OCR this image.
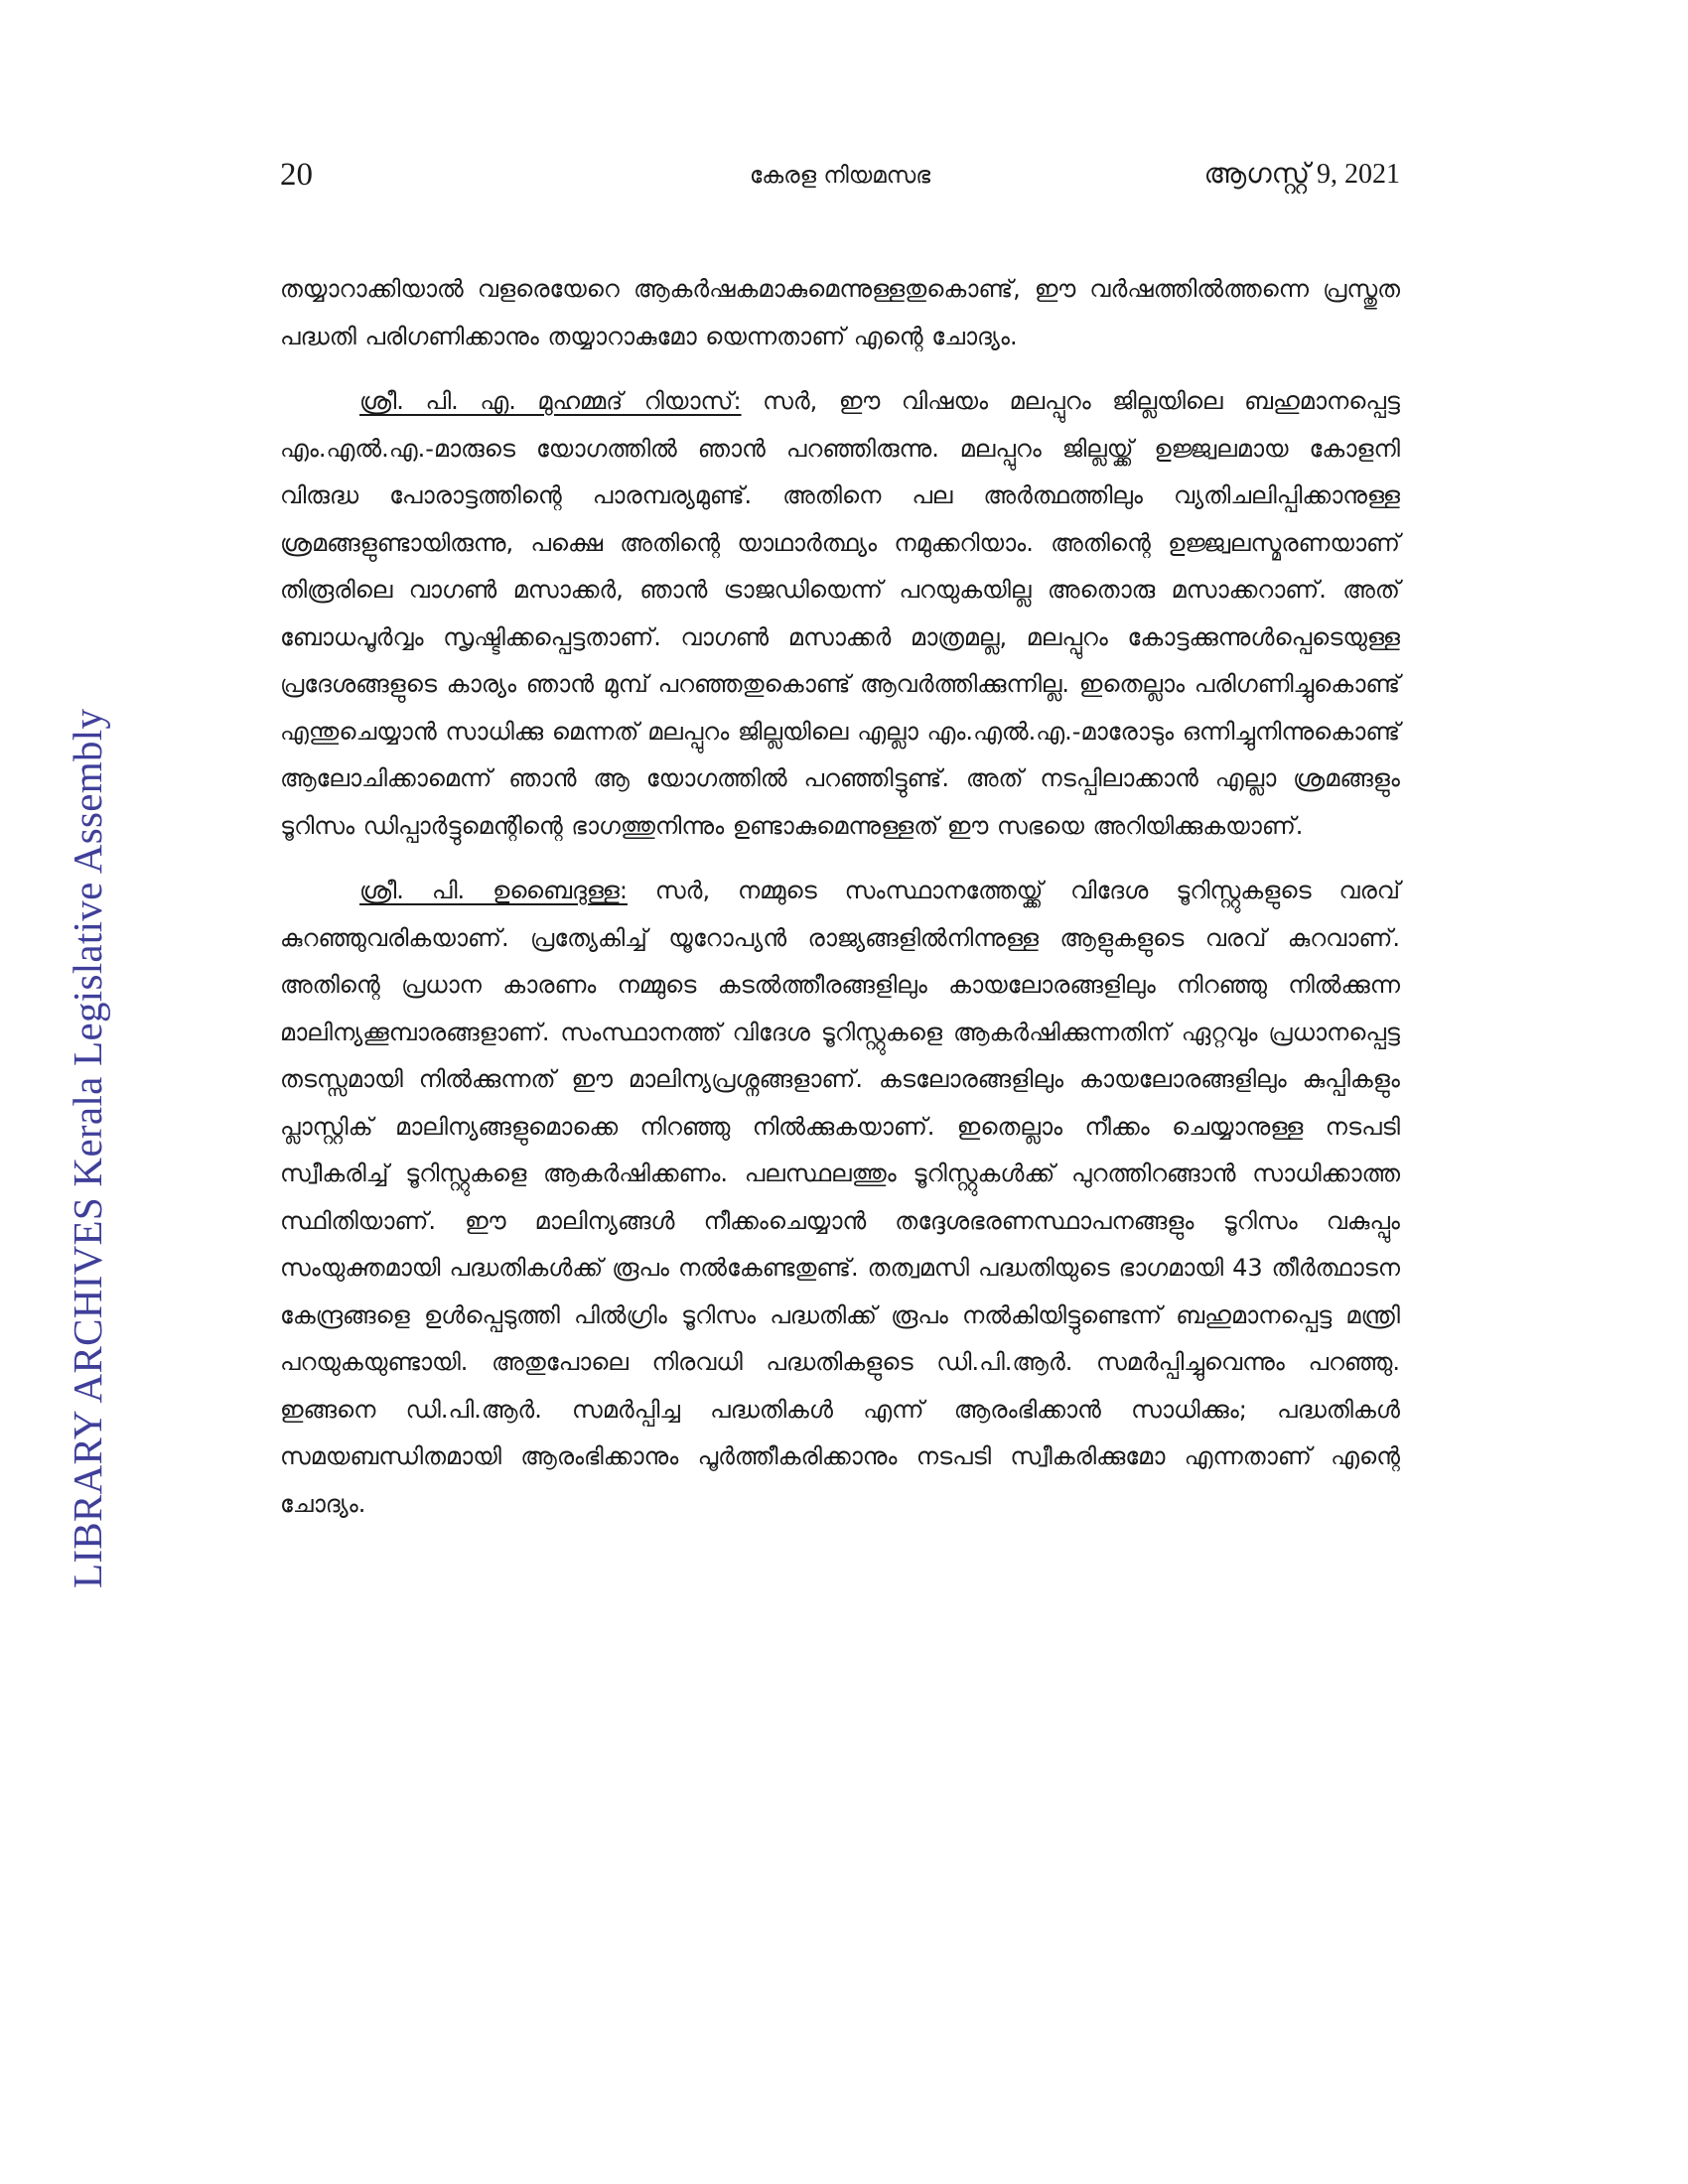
20	കേരള നിയമസഭ	ആഗസ്റ്റ് 9, 2021
LIBRARY ARCHIVES Kerala Legislative Assembly

തയ്യാറാക്കിയാൽ വളരെയേറെ ആകർഷകമാകുമെന്നുള്ളതുകൊണ്ട്, ഈ വർഷത്തിൽത്തന്നെ പ്രസ്തുത പദ്ധതി പരിഗണിക്കാനും തയ്യാറാകുമോ യെന്നതാണ് എന്റെ ചോദ്യം.

ശ്രീ. പി. എ. മുഹമ്മദ് റിയാസ്: സർ, ഈ വിഷയം മലപ്പുറം ജില്ലയിലെ ബഹുമാനപ്പെട്ട എം.എൽ.എ.-മാരുടെ യോഗത്തിൽ ഞാൻ പറഞ്ഞിരുന്നു. മലപ്പുറം ജില്ലയ്ക്ക് ഉജ്ജ്വലമായ കോളനി വിരുദ്ധ പോരാട്ടത്തിന്റെ പാരമ്പര്യമുണ്ട്. അതിനെ പല അർത്ഥത്തിലും വ്യതിചലിപ്പിക്കാനുള്ള ശ്രമങ്ങളുണ്ടായിരുന്നു, പക്ഷെ അതിന്റെ യാഥാർത്ഥ്യം നമുക്കറിയാം. അതിന്റെ ഉജ്ജ്വലസ്മരണയാണ് തിരൂരിലെ വാഗൺ മസാക്കർ, ഞാൻ ട്രാജഡിയെന്ന് പറയുകയില്ല അതൊരു മസാക്കറാണ്. അത് ബോധപൂർവ്വം സൃഷ്ടിക്കപ്പെട്ടതാണ്. വാഗൺ മസാക്കർ മാത്രമല്ല, മലപ്പുറം കോട്ടക്കുന്നുൾപ്പെടെയുള്ള പ്രദേശങ്ങളുടെ കാര്യം ഞാൻ മുമ്പ് പറഞ്ഞതുകൊണ്ട് ആവർത്തിക്കുന്നില്ല. ഇതെല്ലാം പരിഗണിച്ചുകൊണ്ട് എന്തുചെയ്യാൻ സാധിക്കു മെന്നത് മലപ്പുറം ജില്ലയിലെ എല്ലാ എം.എൽ.എ.-മാരോടും ഒന്നിച്ചുനിന്നുകൊണ്ട് ആലോചിക്കാമെന്ന് ഞാൻ ആ യോഗത്തിൽ പറഞ്ഞിട്ടുണ്ട്. അത് നടപ്പിലാക്കാൻ എല്ലാ ശ്രമങ്ങളും ടൂറിസം ഡിപ്പാർട്ടുമെന്റിന്റെ ഭാഗത്തുനിന്നും ഉണ്ടാകുമെന്നുള്ളത് ഈ സഭയെ അറിയിക്കുകയാണ്.

ശ്രീ. പി. ഉബൈദുള്ള: സർ, നമ്മുടെ സംസ്ഥാനത്തേയ്ക്ക് വിദേശ ടൂറിസ്റ്റുകളുടെ വരവ് കുറഞ്ഞുവരികയാണ്. പ്രത്യേകിച്ച് യൂറോപ്യൻ രാജ്യങ്ങളിൽനിന്നുള്ള ആളുകളുടെ വരവ് കുറവാണ്. അതിന്റെ പ്രധാന കാരണം നമ്മുടെ കടൽത്തീരങ്ങളിലും കായലോരങ്ങളിലും നിറഞ്ഞു നിൽക്കുന്ന മാലിന്യക്കൂമ്പാരങ്ങളാണ്. സംസ്ഥാനത്ത് വിദേശ ടൂറിസ്റ്റുകളെ ആകർഷിക്കുന്നതിന് ഏറ്റവും പ്രധാനപ്പെട്ട തടസ്സമായി നിൽക്കുന്നത് ഈ മാലിന്യപ്രശ്നങ്ങളാണ്. കടലോരങ്ങളിലും കായലോരങ്ങളിലും കുപ്പികളും പ്ലാസ്റ്റിക് മാലിന്യങ്ങളുമൊക്കെ നിറഞ്ഞു നിൽക്കുകയാണ്. ഇതെല്ലാം നീക്കം ചെയ്യാനുള്ള നടപടി സ്വീകരിച്ച് ടൂറിസ്റ്റുകളെ ആകർഷിക്കണം. പലസ്ഥലത്തും ടൂറിസ്റ്റുകൾക്ക് പുറത്തിറങ്ങാൻ സാധിക്കാത്ത സ്ഥിതിയാണ്. ഈ മാലിന്യങ്ങൾ നീക്കംചെയ്യാൻ തദ്ദേശഭരണസ്ഥാപനങ്ങളും ടൂറിസം വകുപ്പും സംയുക്തമായി പദ്ധതികൾക്ക് രൂപം നൽകേണ്ടതുണ്ട്. തത്വമസി പദ്ധതിയുടെ ഭാഗമായി 43 തീർത്ഥാടന കേന്ദ്രങ്ങളെ ഉൾപ്പെടുത്തി പിൽഗ്രിം ടൂറിസം പദ്ധതിക്ക് രൂപം നൽകിയിട്ടുണ്ടെന്ന് ബഹുമാനപ്പെട്ട മന്ത്രി പറയുകയുണ്ടായി. അതുപോലെ നിരവധി പദ്ധതികളുടെ ഡി.പി.ആർ. സമർപ്പിച്ചുവെന്നും പറഞ്ഞു. ഇങ്ങനെ ഡി.പി.ആർ. സമർപ്പിച്ച പദ്ധതികൾ എന്ന് ആരംഭിക്കാൻ സാധിക്കും; പദ്ധതികൾ സമയബന്ധിതമായി ആരംഭിക്കാനും പൂർത്തീകരിക്കാനും നടപടി സ്വീകരിക്കുമോ എന്നതാണ് എന്റെ ചോദ്യം.
